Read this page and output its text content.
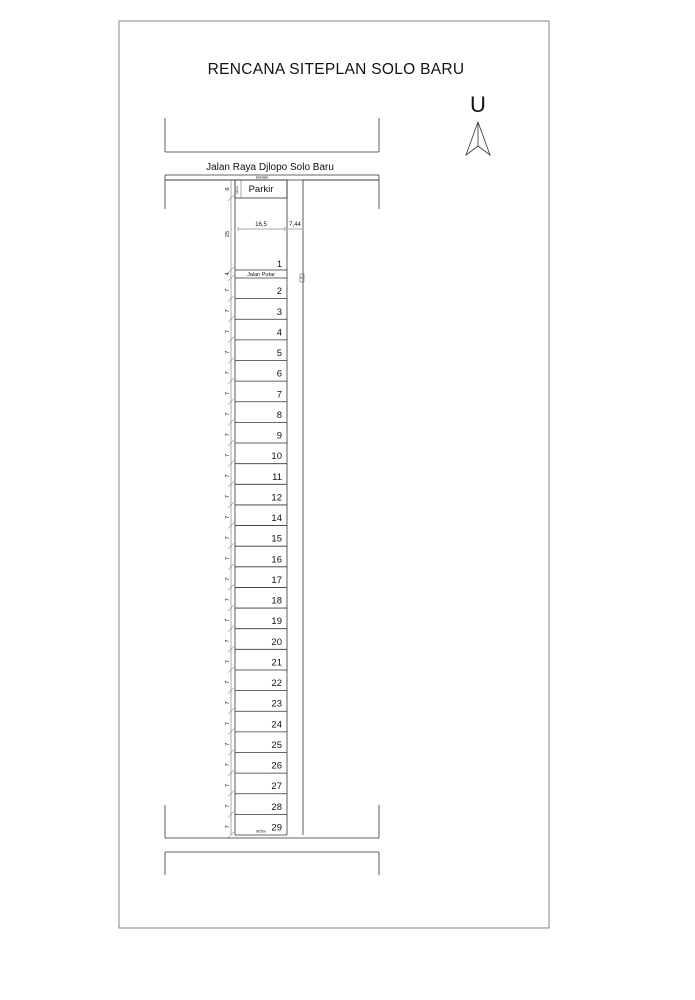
RENCANA SITEPLAN SOLO BARU
U
Jalan Raya Djlopo Solo Baru
Sekolah
Parkir
Akses
16,5
1
7,44
Jl
Jalan Putar
6
25
4
2
7
3
7
4
7
5
7
6
7
7
7
8
7
9
7
10
7
11
7
12
7
14
7
15
7
16
7
17
7
18
7
19
7
20
7
21
7
22
7
23
7
24
7
25
7
26
7
27
7
28
7
29
7
RTH
